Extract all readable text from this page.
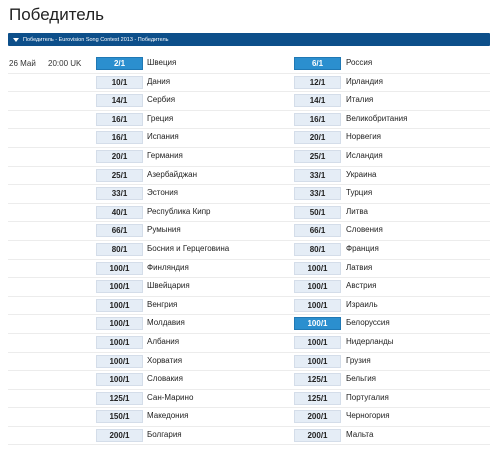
Победитель
Победитель - Eurovision Song Contest 2013 - Победитель
26 Май 20:00 UK	2/1	Швеция	6/1	Россия
10/1	Дания	12/1	Ирландия
14/1	Сербия	14/1	Италия
16/1	Греция	16/1	Великобритания
16/1	Испания	20/1	Норвегия
20/1	Германия	25/1	Исландия
25/1	Азербайджан	33/1	Украина
33/1	Эстония	33/1	Турция
40/1	Республика Кипр	50/1	Литва
66/1	Румыния	66/1	Словения
80/1	Босния и Герцеговина	80/1	Франция
100/1	Финляндия	100/1	Латвия
100/1	Швейцария	100/1	Австрия
100/1	Венгрия	100/1	Израиль
100/1	Молдавия	100/1	Белоруссия
100/1	Албания	100/1	Нидерланды
100/1	Хорватия	100/1	Грузия
100/1	Словакия	125/1	Бельгия
125/1	Сан-Марино	125/1	Португалия
150/1	Македония	200/1	Черногория
200/1	Болгария	200/1	Мальта
